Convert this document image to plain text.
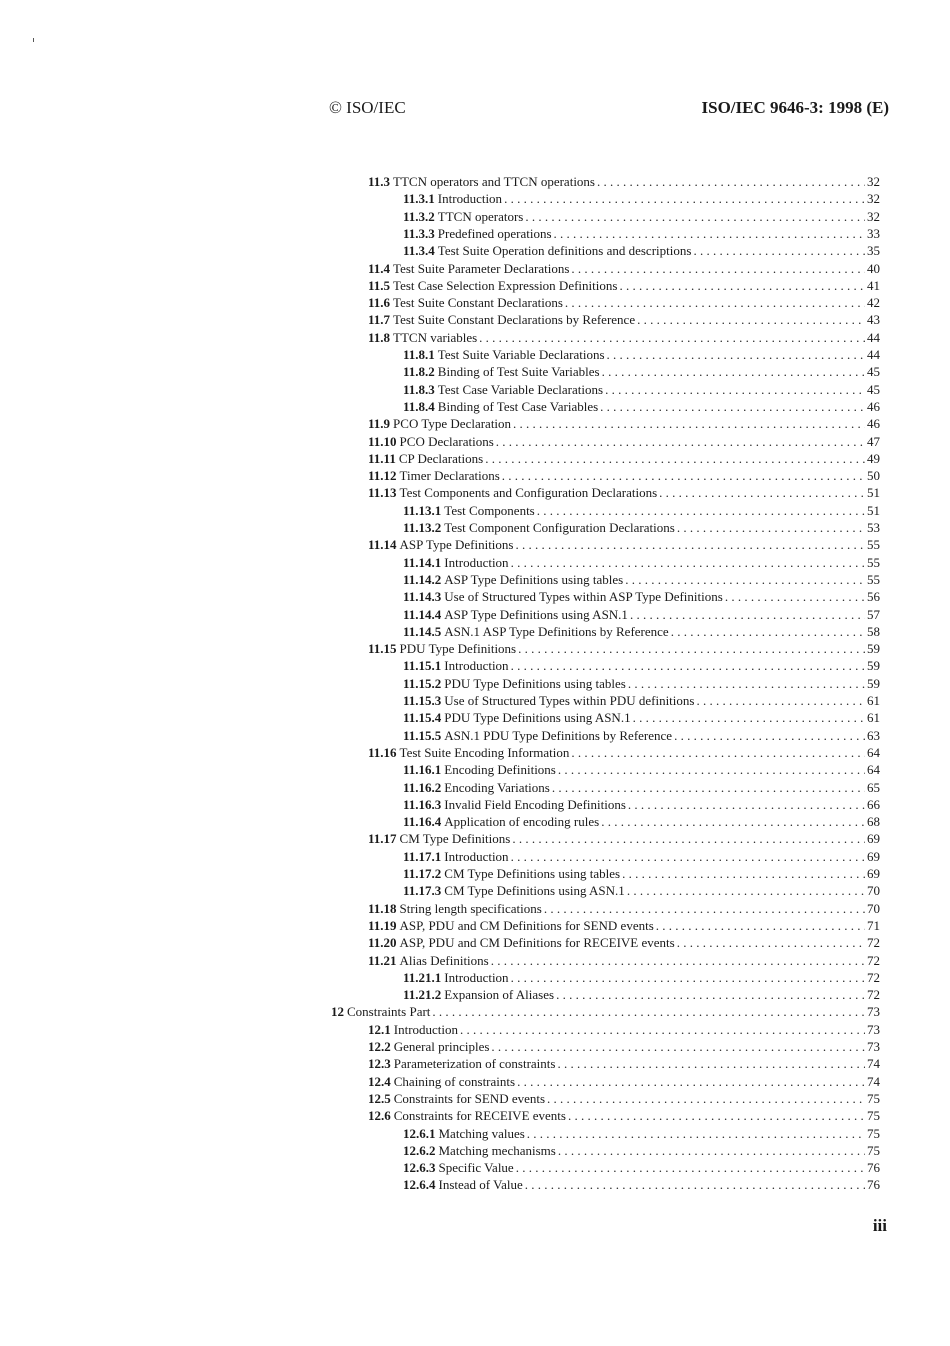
© ISO/IEC	ISO/IEC 9646-3: 1998 (E)
11.3 TTCN operators and TTCN operations . . .	32
11.3.1 Introduction . . .	32
11.3.2 TTCN operators . . .	32
11.3.3 Predefined operations . . .	33
11.3.4 Test Suite Operation definitions and descriptions . . .	35
11.4 Test Suite Parameter Declarations . . .	40
11.5 Test Case Selection Expression Definitions . . .	41
11.6 Test Suite Constant Declarations . . .	42
11.7 Test Suite Constant Declarations by Reference . . .	43
11.8 TTCN variables . . .	44
11.8.1 Test Suite Variable Declarations . . .	44
11.8.2 Binding of Test Suite Variables . . .	45
11.8.3 Test Case Variable Declarations . . .	45
11.8.4 Binding of Test Case Variables . . .	46
11.9 PCO Type Declaration . . .	46
11.10 PCO Declarations . . .	47
11.11 CP Declarations . . .	49
11.12 Timer Declarations . . .	50
11.13 Test Components and Configuration Declarations . . .	51
11.13.1 Test Components . . .	51
11.13.2 Test Component Configuration Declarations . . .	53
11.14 ASP Type Definitions . . .	55
11.14.1 Introduction . . .	55
11.14.2 ASP Type Definitions using tables . . .	55
11.14.3 Use of Structured Types within ASP Type Definitions . . .	56
11.14.4 ASP Type Definitions using ASN.1 . . .	57
11.14.5 ASN.1 ASP Type Definitions by Reference . . .	58
11.15 PDU Type Definitions . . .	59
11.15.1 Introduction . . .	59
11.15.2 PDU Type Definitions using tables . . .	59
11.15.3 Use of Structured Types within PDU definitions . . .	61
11.15.4 PDU Type Definitions using ASN.1 . . .	61
11.15.5 ASN.1 PDU Type Definitions by Reference . . .	63
11.16 Test Suite Encoding Information . . .	64
11.16.1 Encoding Definitions . . .	64
11.16.2 Encoding Variations . . .	65
11.16.3 Invalid Field Encoding Definitions . . .	66
11.16.4 Application of encoding rules . . .	68
11.17 CM Type Definitions . . .	69
11.17.1 Introduction . . .	69
11.17.2 CM Type Definitions using tables . . .	69
11.17.3 CM Type Definitions using ASN.1 . . .	70
11.18 String length specifications . . .	70
11.19 ASP, PDU and CM Definitions for SEND events . . .	71
11.20 ASP, PDU and CM Definitions for RECEIVE events . . .	72
11.21 Alias Definitions . . .	72
11.21.1 Introduction . . .	72
11.21.2 Expansion of Aliases . . .	72
12 Constraints Part . . .	73
12.1 Introduction . . .	73
12.2 General principles . . .	73
12.3 Parameterization of constraints . . .	74
12.4 Chaining of constraints . . .	74
12.5 Constraints for SEND events . . .	75
12.6 Constraints for RECEIVE events . . .	75
12.6.1 Matching values . . .	75
12.6.2 Matching mechanisms . . .	75
12.6.3 Specific Value . . .	76
12.6.4 Instead of Value . . .	76
iii
